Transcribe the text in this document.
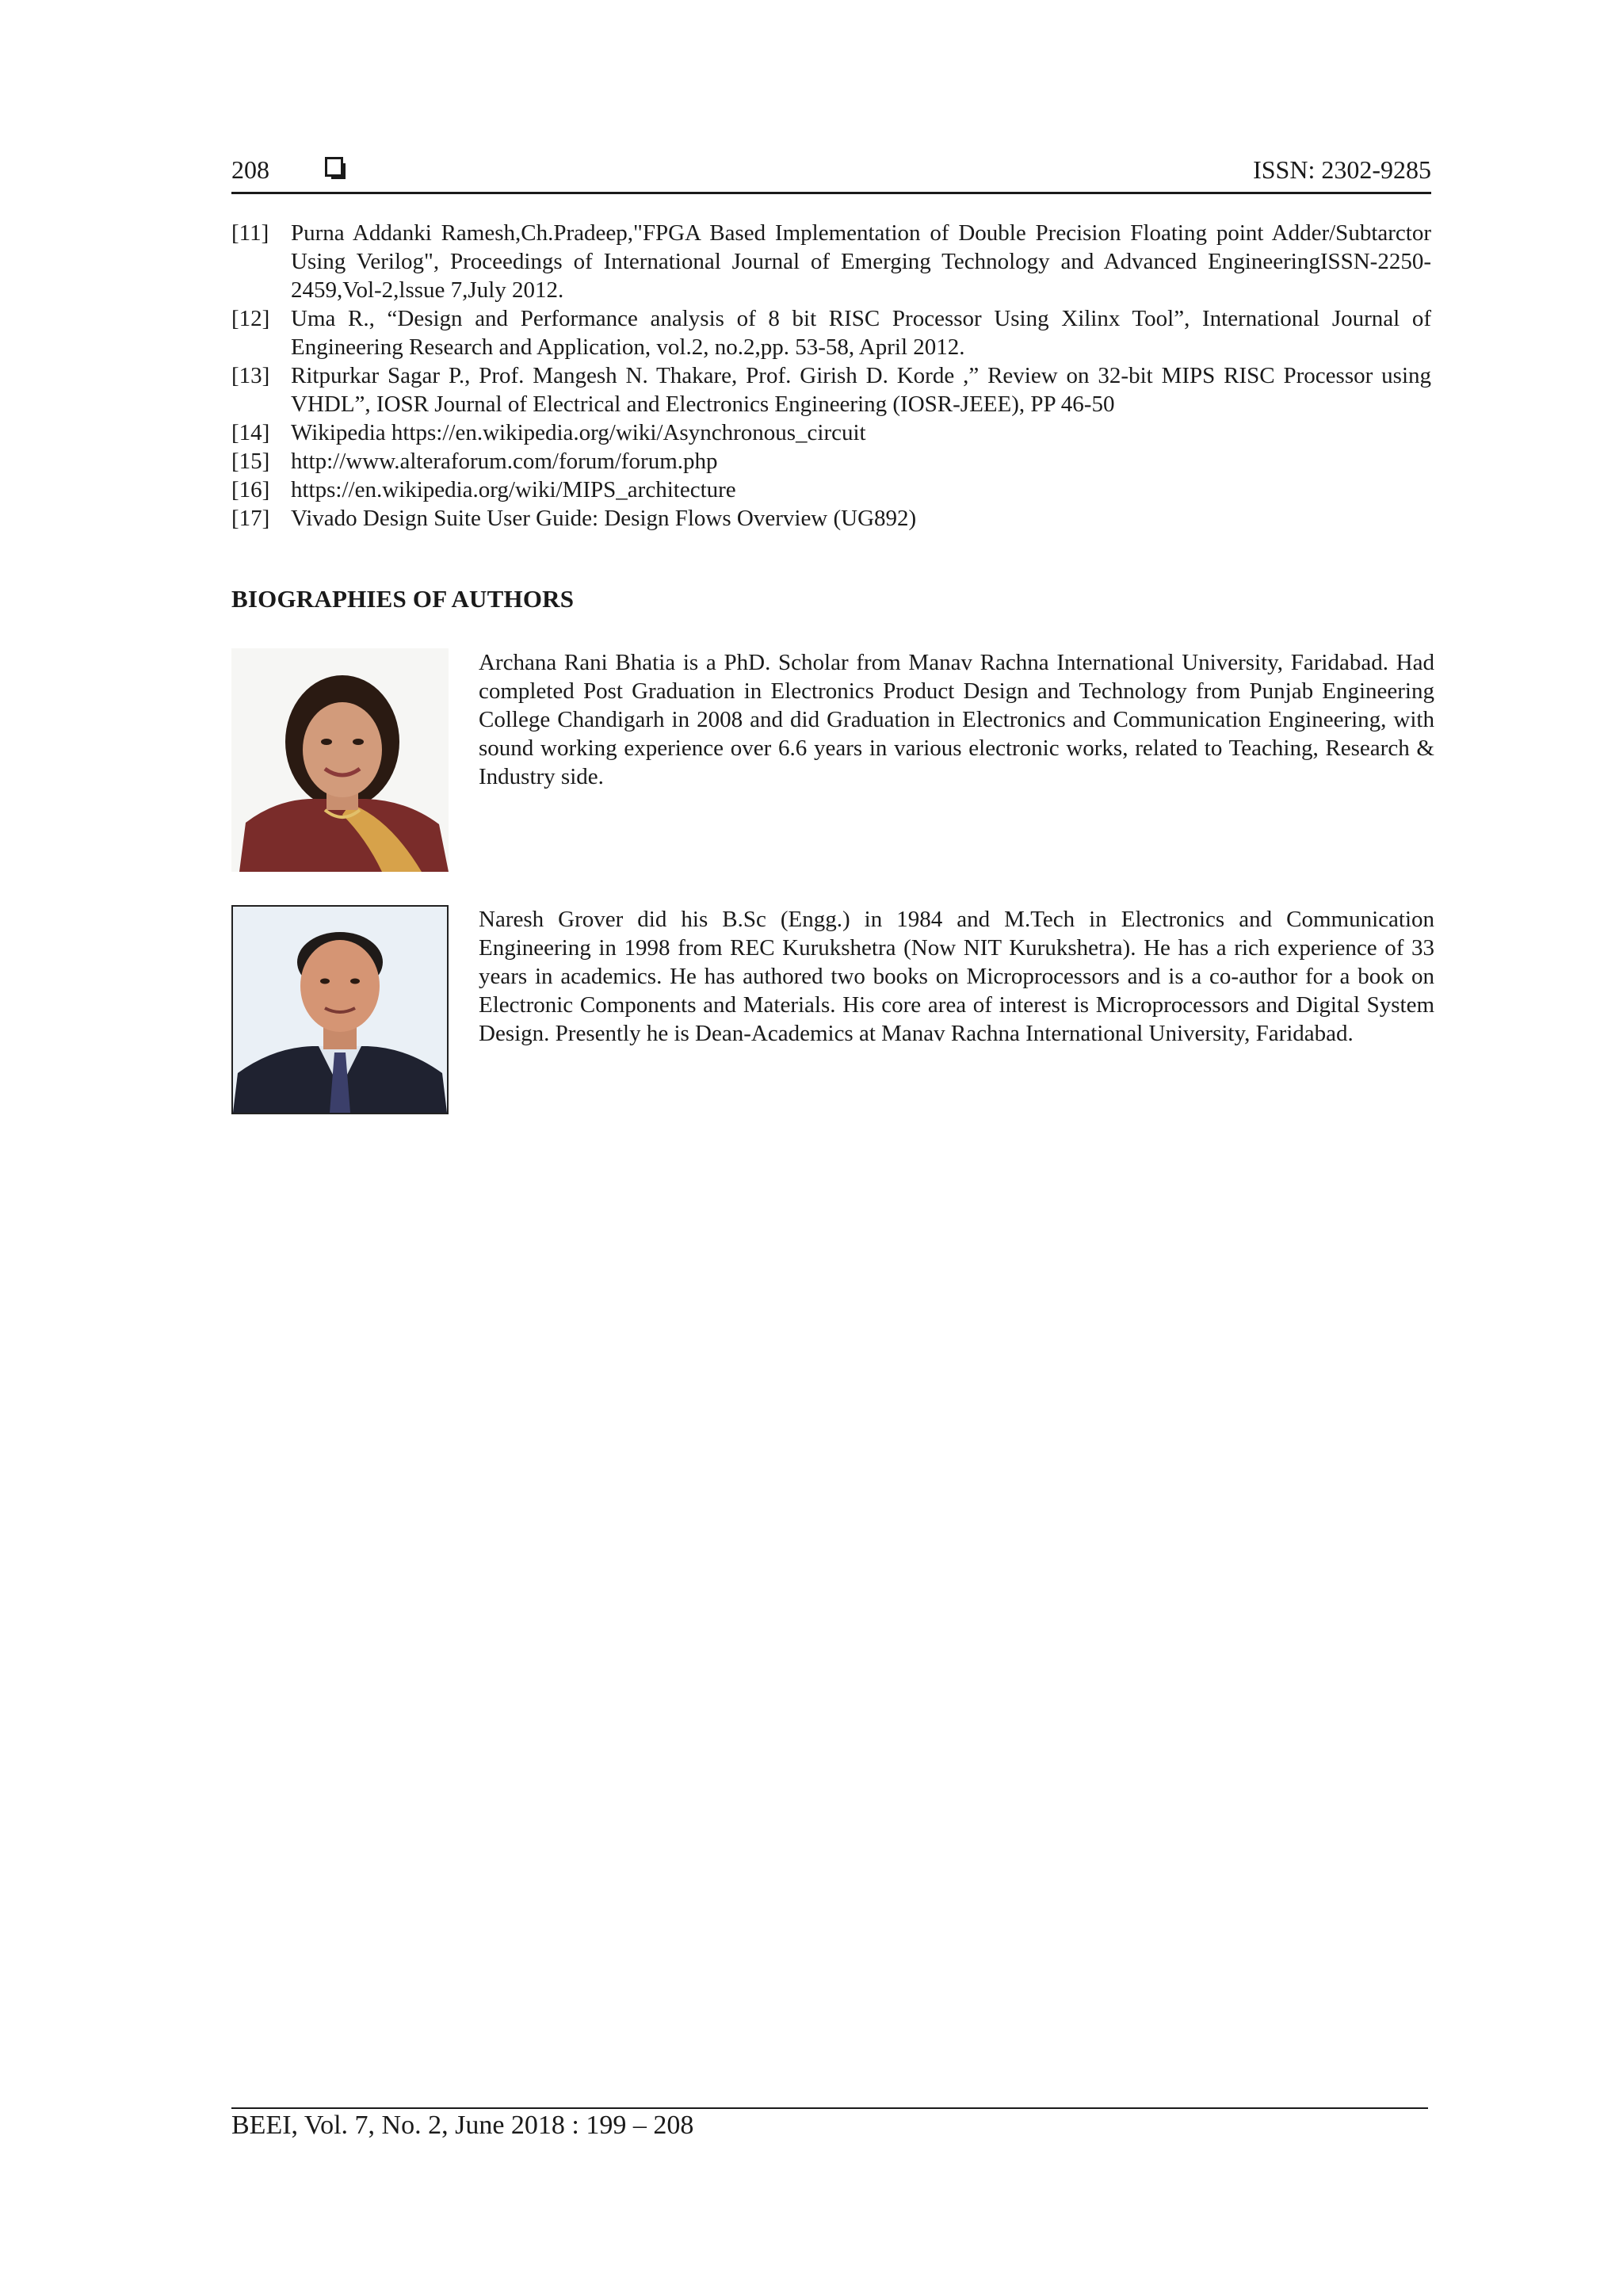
208	ISSN: 2302-9285

[11] Purna Addanki Ramesh,Ch.Pradeep,"FPGA Based Implementation of Double Precision Floating point Adder/Subtarctor Using Verilog", Proceedings of International Journal of Emerging Technology and Advanced EngineeringISSN-2250-2459,Vol-2,lssue 7,July 2012.

[12] Uma R., “Design and Performance analysis of 8 bit RISC Processor Using Xilinx Tool”, International Journal of Engineering Research and Application, vol.2, no.2,pp. 53-58, April 2012.

[13] Ritpurkar Sagar P., Prof. Mangesh N. Thakare, Prof. Girish D. Korde ,” Review on 32-bit MIPS RISC Processor using VHDL”, IOSR Journal of Electrical and Electronics Engineering (IOSR-JEEE), PP 46-50

[14] Wikipedia https://en.wikipedia.org/wiki/Asynchronous_circuit

[15] http://www.alteraforum.com/forum/forum.php

[16] https://en.wikipedia.org/wiki/MIPS_architecture

[17] Vivado Design Suite User Guide: Design Flows Overview (UG892)

BIOGRAPHIES OF AUTHORS
Archana Rani Bhatia is a PhD. Scholar from Manav Rachna International University, Faridabad. Had completed Post Graduation in Electronics Product Design and Technology from Punjab Engineering College Chandigarh in 2008 and did Graduation in Electronics and Communication Engineering, with sound working experience over 6.6 years in various electronic works, related to Teaching, Research & Industry side.
Naresh Grover did his B.Sc (Engg.) in 1984 and M.Tech in Electronics and Communication Engineering in 1998 from REC Kurukshetra (Now NIT Kurukshetra). He has a rich experience of 33 years in academics. He has authored two books on Microprocessors and is a co-author for a book on Electronic Components and Materials. His core area of interest is Microprocessors and Digital System Design. Presently he is Dean-Academics at Manav Rachna International University, Faridabad.
BEEI, Vol. 7, No. 2, June 2018 : 199 – 208
